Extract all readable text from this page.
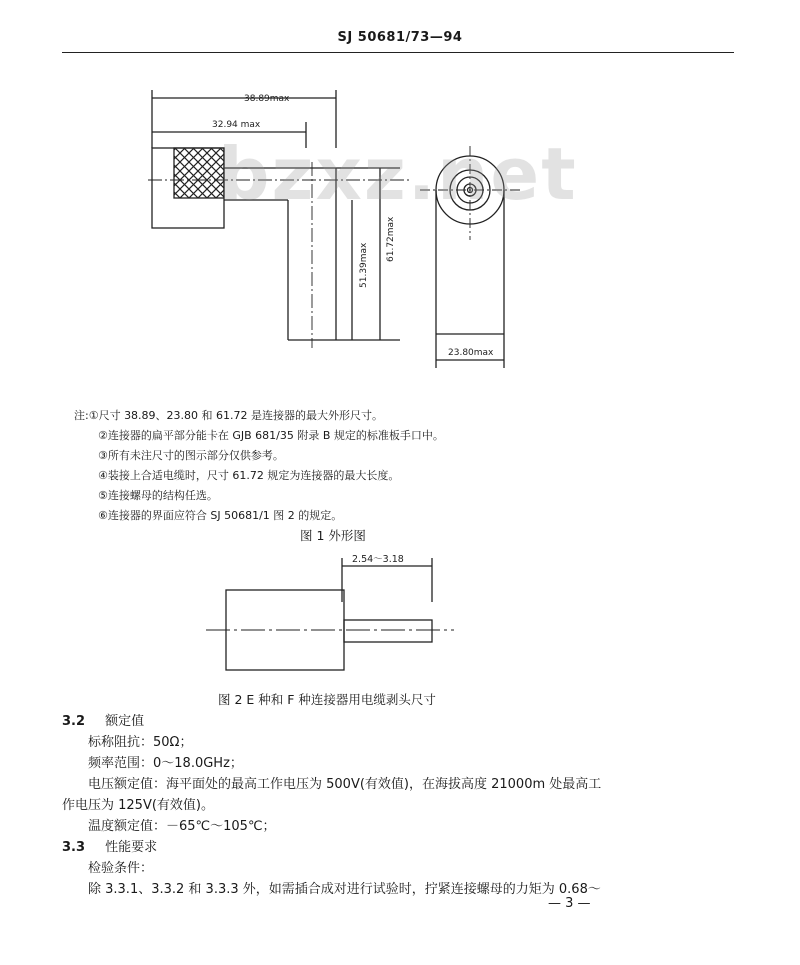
SJ 50681/73—94
38.89max
32.94 max
51.39max
61.72max
23.80max
bzxz.net
注:①尺寸 38.89、23.80 和 61.72 是连接器的最大外形尺寸。
②连接器的扁平部分能卡在 GJB 681/35 附录 B 规定的标准板手口中。
③所有未注尺寸的图示部分仅供参考。
④装接上合适电缆时，尺寸 61.72 规定为连接器的最大长度。
⑤连接螺母的结构任选。
⑥连接器的界面应符合 SJ 50681/1 图 2 的规定。
图 1 外形图
2.54～3.18
图 2 E 种和 F 种连接器用电缆剥头尺寸
3.2 额定值
标称阻抗：50Ω；
频率范围：0～18.0GHz；
电压额定值：海平面处的最高工作电压为 500V(有效值)，在海拔高度 21000m 处最高工
作电压为 125V(有效值)。
温度额定值：－65℃～105℃；
3.3 性能要求
检验条件：
除 3.3.1、3.3.2 和 3.3.3 外，如需插合成对进行试验时，拧紧连接螺母的力矩为 0.68～
— 3 —
